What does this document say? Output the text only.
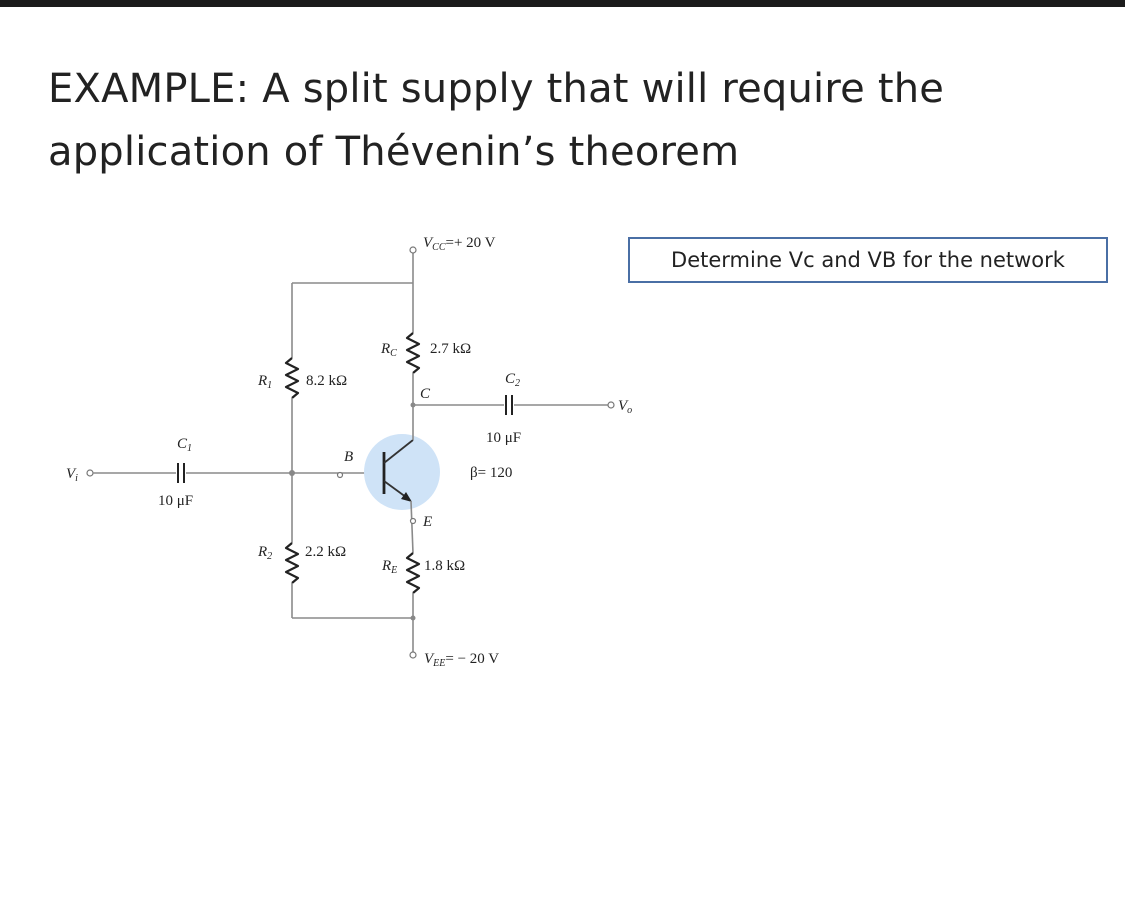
EXAMPLE: A split supply that will require the
application of Thévenin’s theorem
Determine Vc and VB for the network
$V_{CC}=+ 20$ V
$V_{EE}= - 20$ V
$R_1$ 8.2 kΩ
$R_2$ 2.2 kΩ
$R_C$ 2.7 kΩ
$R_E$ 1.8 kΩ
$C_1$
10 μF
$C_2$
10 μF
β= 120
B
C
E
$V_i$
$V_o$
